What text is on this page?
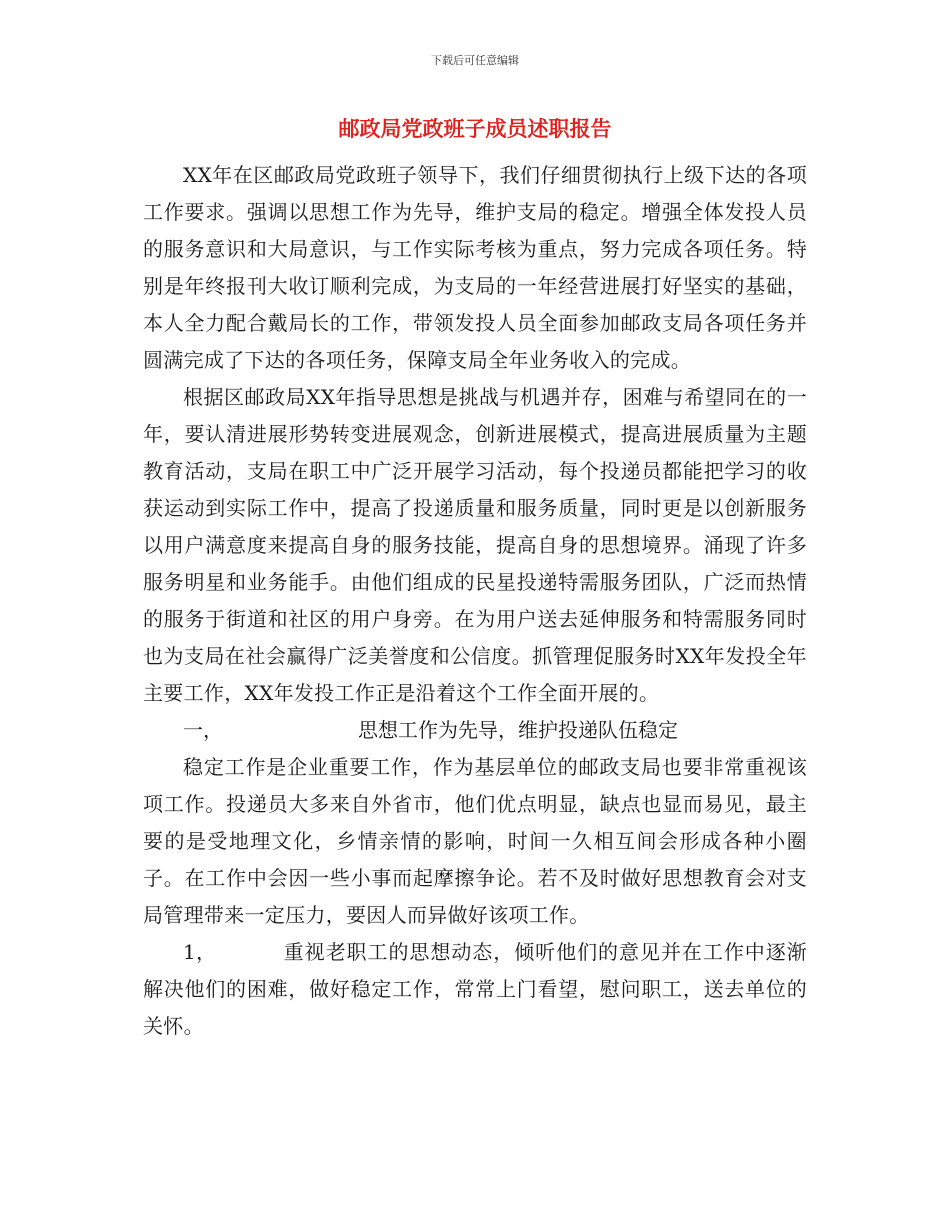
下载后可任意编辑
邮政局党政班子成员述职报告

XX年在区邮政局党政班子领导下，我们仔细贯彻执行上级下达的各项工作要求。强调以思想工作为先导，维护支局的稳定。增强全体发投人员的服务意识和大局意识，与工作实际考核为重点，努力完成各项任务。特别是年终报刊大收订顺利完成，为支局的一年经营进展打好坚实的基础，本人全力配合戴局长的工作，带领发投人员全面参加邮政支局各项任务并圆满完成了下达的各项任务，保障支局全年业务收入的完成。

根据区邮政局XX年指导思想是挑战与机遇并存，困难与希望同在的一年，要认清进展形势转变进展观念，创新进展模式，提高进展质量为主题教育活动，支局在职工中广泛开展学习活动，每个投递员都能把学习的收获运动到实际工作中，提高了投递质量和服务质量，同时更是以创新服务以用户满意度来提高自身的服务技能，提高自身的思想境界。涌现了许多服务明星和业务能手。由他们组成的民星投递特需服务团队，广泛而热情的服务于街道和社区的用户身旁。在为用户送去延伸服务和特需服务同时也为支局在社会赢得广泛美誉度和公信度。抓管理促服务时XX年发投全年主要工作，XX年发投工作正是沿着这个工作全面开展的。

一，	思想工作为先导，维护投递队伍稳定

稳定工作是企业重要工作，作为基层单位的邮政支局也要非常重视该项工作。投递员大多来自外省市，他们优点明显，缺点也显而易见，最主要的是受地理文化，乡情亲情的影响，时间一久相互间会形成各种小圈子。在工作中会因一些小事而起摩擦争论。若不及时做好思想教育会对支局管理带来一定压力，要因人而异做好该项工作。

1，	重视老职工的思想动态，倾听他们的意见并在工作中逐渐解决他们的困难，做好稳定工作，常常上门看望，慰问职工，送去单位的关怀。
